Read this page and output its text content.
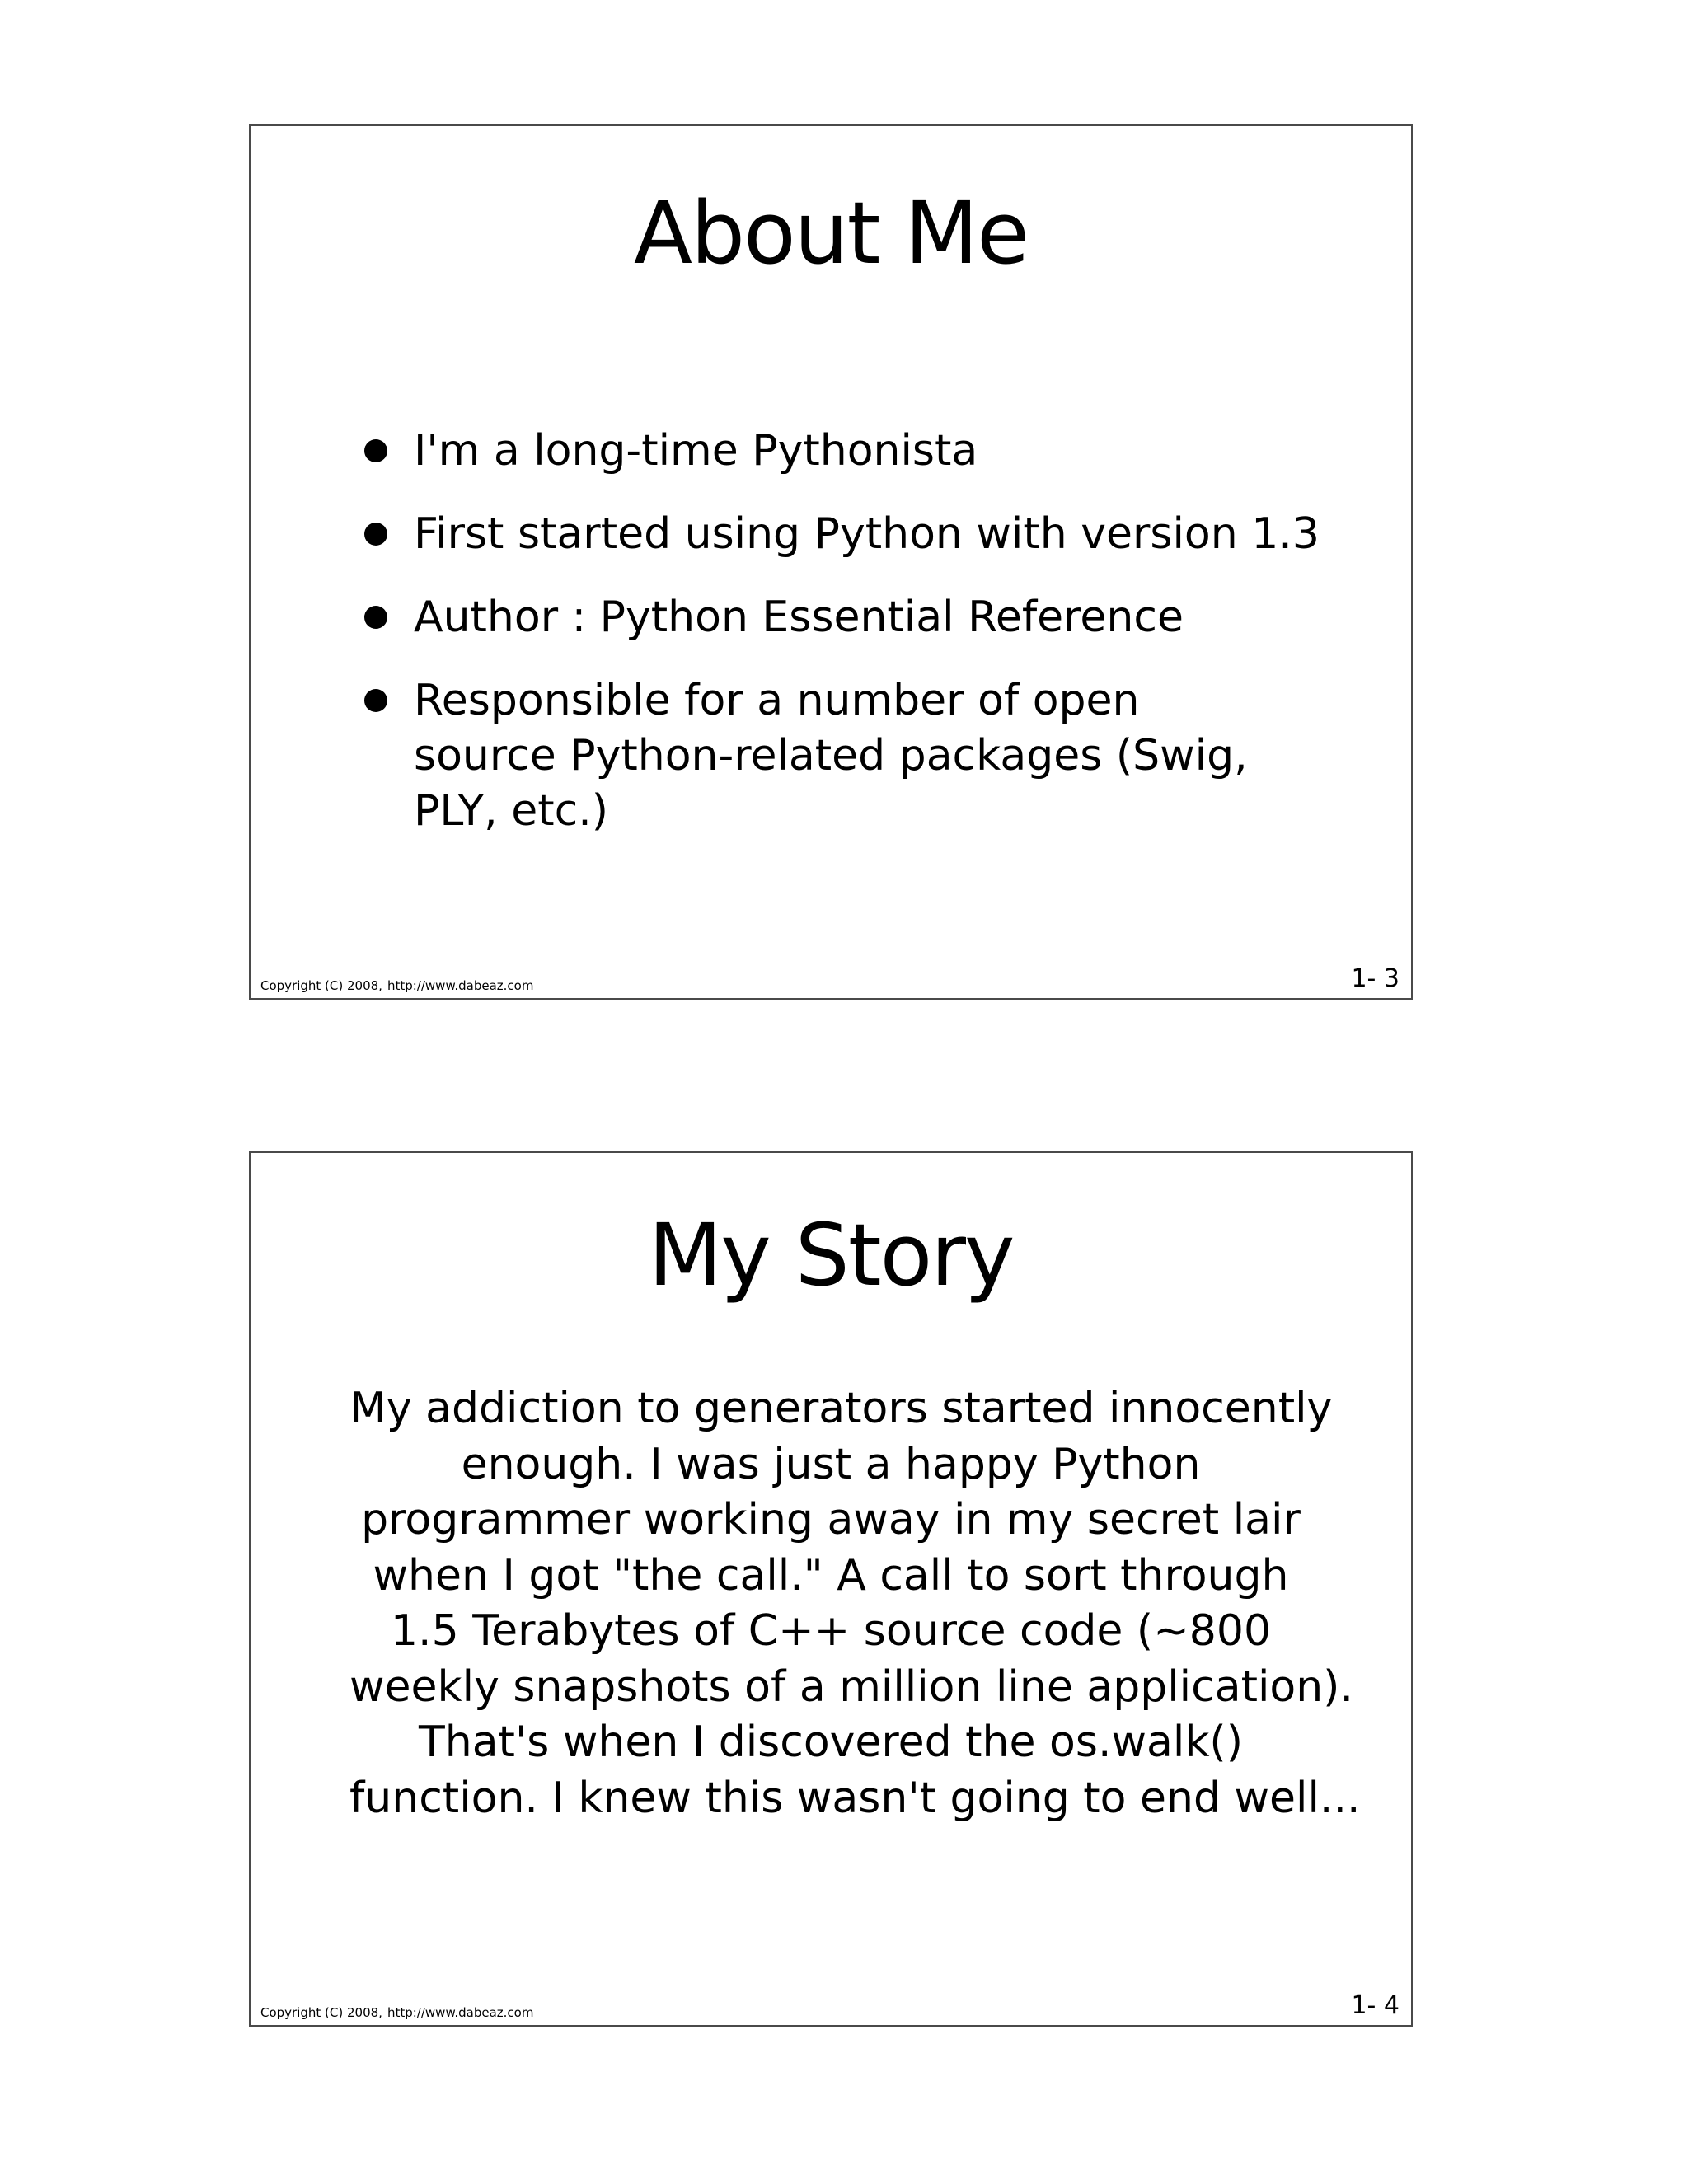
About Me
I'm a long-time Pythonista
First started using Python with version 1.3
Author : Python Essential Reference
Responsible for a number of open source Python-related packages (Swig, PLY, etc.)
Copyright (C) 2008, http://www.dabeaz.com	1- 3
My Story

My addiction to generators started innocently
enough. I was just a happy Python
programmer working away in my secret lair
when I got "the call." A call to sort through
1.5 Terabytes of C++ source code (~800
weekly snapshots of a million line application).
That's when I discovered the os.walk()
function. I knew this wasn't going to end well...

Copyright (C) 2008, http://www.dabeaz.com	1- 4
